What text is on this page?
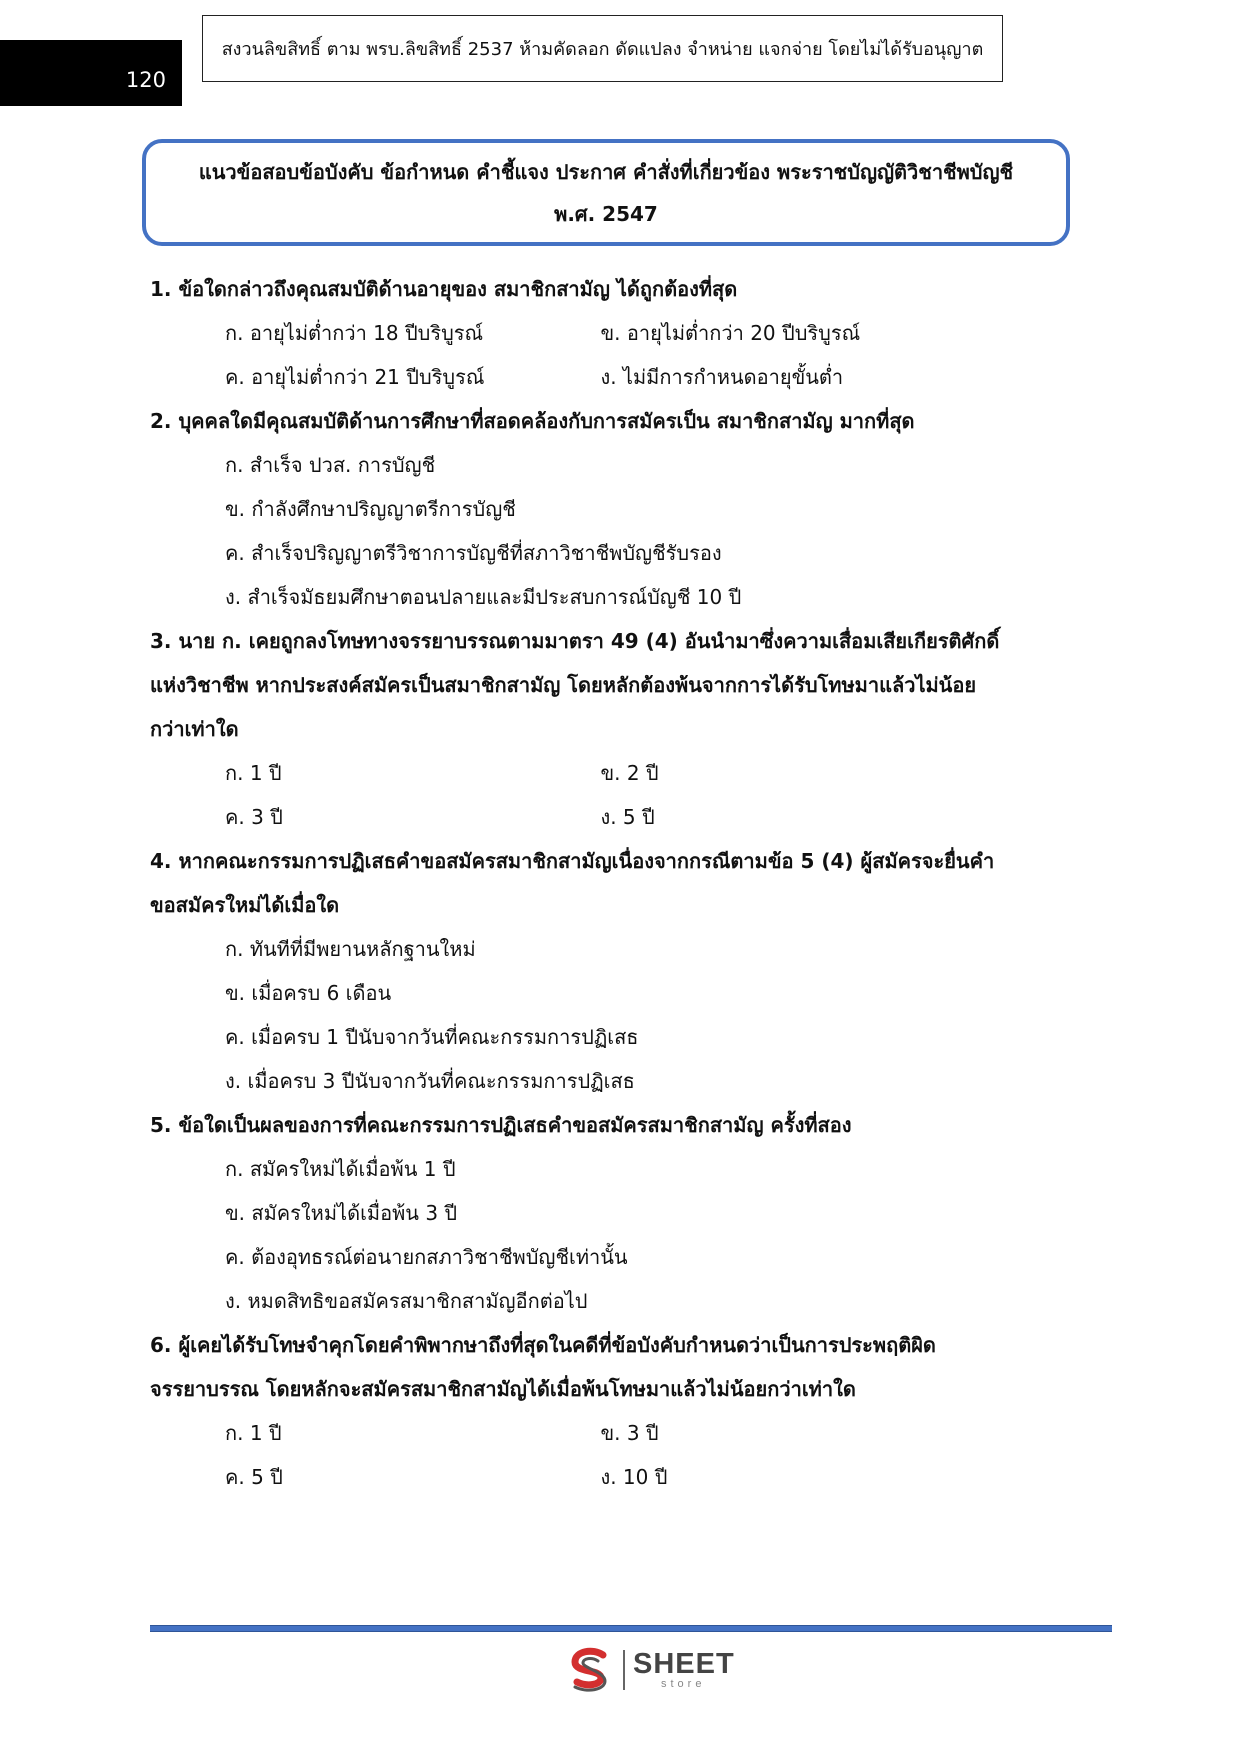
120
สงวนลิขสิทธิ์ ตาม พรบ.ลิขสิทธิ์ 2537 ห้ามคัดลอก ดัดแปลง จำหน่าย แจกจ่าย โดยไม่ได้รับอนุญาต
แนวข้อสอบข้อบังคับ ข้อกำหนด คำชี้แจง ประกาศ คำสั่งที่เกี่ยวข้อง พระราชบัญญัติวิชาชีพบัญชี
พ.ศ. 2547
1. ข้อใดกล่าวถึงคุณสมบัติด้านอายุของ สมาชิกสามัญ ได้ถูกต้องที่สุด
ก. อายุไม่ต่ำกว่า 18 ปีบริบูรณ์	ข. อายุไม่ต่ำกว่า 20 ปีบริบูรณ์
ค. อายุไม่ต่ำกว่า 21 ปีบริบูรณ์	ง. ไม่มีการกำหนดอายุขั้นต่ำ
2. บุคคลใดมีคุณสมบัติด้านการศึกษาที่สอดคล้องกับการสมัครเป็น สมาชิกสามัญ มากที่สุด
ก. สำเร็จ ปวส. การบัญชี
ข. กำลังศึกษาปริญญาตรีการบัญชี
ค. สำเร็จปริญญาตรีวิชาการบัญชีที่สภาวิชาชีพบัญชีรับรอง
ง. สำเร็จมัธยมศึกษาตอนปลายและมีประสบการณ์บัญชี 10 ปี
3. นาย ก. เคยถูกลงโทษทางจรรยาบรรณตามมาตรา 49 (4) อันนำมาซึ่งความเสื่อมเสียเกียรติศักดิ์
แห่งวิชาชีพ หากประสงค์สมัครเป็นสมาชิกสามัญ โดยหลักต้องพ้นจากการได้รับโทษมาแล้วไม่น้อย
กว่าเท่าใด
ก. 1 ปี	ข. 2 ปี
ค. 3 ปี	ง. 5 ปี
4. หากคณะกรรมการปฏิเสธคำขอสมัครสมาชิกสามัญเนื่องจากกรณีตามข้อ 5 (4) ผู้สมัครจะยื่นคำ
ขอสมัครใหม่ได้เมื่อใด
ก. ทันทีที่มีพยานหลักฐานใหม่
ข. เมื่อครบ 6 เดือน
ค. เมื่อครบ 1 ปีนับจากวันที่คณะกรรมการปฏิเสธ
ง. เมื่อครบ 3 ปีนับจากวันที่คณะกรรมการปฏิเสธ
5. ข้อใดเป็นผลของการที่คณะกรรมการปฏิเสธคำขอสมัครสมาชิกสามัญ ครั้งที่สอง
ก. สมัครใหม่ได้เมื่อพ้น 1 ปี
ข. สมัครใหม่ได้เมื่อพ้น 3 ปี
ค. ต้องอุทธรณ์ต่อนายกสภาวิชาชีพบัญชีเท่านั้น
ง. หมดสิทธิขอสมัครสมาชิกสามัญอีกต่อไป
6. ผู้เคยได้รับโทษจำคุกโดยคำพิพากษาถึงที่สุดในคดีที่ข้อบังคับกำหนดว่าเป็นการประพฤติผิด
จรรยาบรรณ โดยหลักจะสมัครสมาชิกสามัญได้เมื่อพ้นโทษมาแล้วไม่น้อยกว่าเท่าใด
ก. 1 ปี	ข. 3 ปี
ค. 5 ปี	ง. 10 ปี
SHEET
store
